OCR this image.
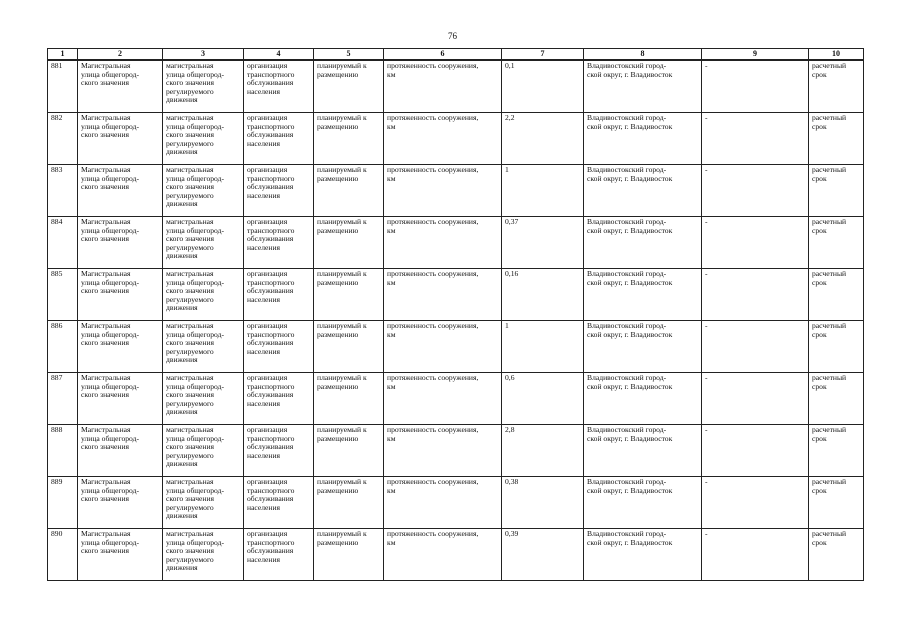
76
1	2	3	4	5	6	7	8	9	10
881	Магистральная
улица общегород-
ского значения	магистральная
улица общегород-
ского значения
регулируемого
движения	организация
транспортного
обслуживания
населения	планируемый к
размещению	протяженность сооружения,
км	0,1	Владивостокский город-
ской округ, г. Владивосток	-	расчетный
срок
882	Магистральная
улица общегород-
ского значения	магистральная
улица общегород-
ского значения
регулируемого
движения	организация
транспортного
обслуживания
населения	планируемый к
размещению	протяженность сооружения,
км	2,2	Владивостокский город-
ской округ, г. Владивосток	-	расчетный
срок
883	Магистральная
улица общегород-
ского значения	магистральная
улица общегород-
ского значения
регулируемого
движения	организация
транспортного
обслуживания
населения	планируемый к
размещению	протяженность сооружения,
км	1	Владивостокский город-
ской округ, г. Владивосток	-	расчетный
срок
884	Магистральная
улица общегород-
ского значения	магистральная
улица общегород-
ского значения
регулируемого
движения	организация
транспортного
обслуживания
населения	планируемый к
размещению	протяженность сооружения,
км	0,37	Владивостокский город-
ской округ, г. Владивосток	-	расчетный
срок
885	Магистральная
улица общегород-
ского значения	магистральная
улица общегород-
ского значения
регулируемого
движения	организация
транспортного
обслуживания
населения	планируемый к
размещению	протяженность сооружения,
км	0,16	Владивостокский город-
ской округ, г. Владивосток	-	расчетный
срок
886	Магистральная
улица общегород-
ского значения	магистральная
улица общегород-
ского значения
регулируемого
движения	организация
транспортного
обслуживания
населения	планируемый к
размещению	протяженность сооружения,
км	1	Владивостокский город-
ской округ, г. Владивосток	-	расчетный
срок
887	Магистральная
улица общегород-
ского значения	магистральная
улица общегород-
ского значения
регулируемого
движения	организация
транспортного
обслуживания
населения	планируемый к
размещению	протяженность сооружения,
км	0,6	Владивостокский город-
ской округ, г. Владивосток	-	расчетный
срок
888	Магистральная
улица общегород-
ского значения	магистральная
улица общегород-
ского значения
регулируемого
движения	организация
транспортного
обслуживания
населения	планируемый к
размещению	протяженность сооружения,
км	2,8	Владивостокский город-
ской округ, г. Владивосток	-	расчетный
срок
889	Магистральная
улица общегород-
ского значения	магистральная
улица общегород-
ского значения
регулируемого
движения	организация
транспортного
обслуживания
населения	планируемый к
размещению	протяженность сооружения,
км	0,38	Владивостокский город-
ской округ, г. Владивосток	-	расчетный
срок
890	Магистральная
улица общегород-
ского значения	магистральная
улица общегород-
ского значения
регулируемого
движения	организация
транспортного
обслуживания
населения	планируемый к
размещению	протяженность сооружения,
км	0,39	Владивостокский город-
ской округ, г. Владивосток	-	расчетный
срок
